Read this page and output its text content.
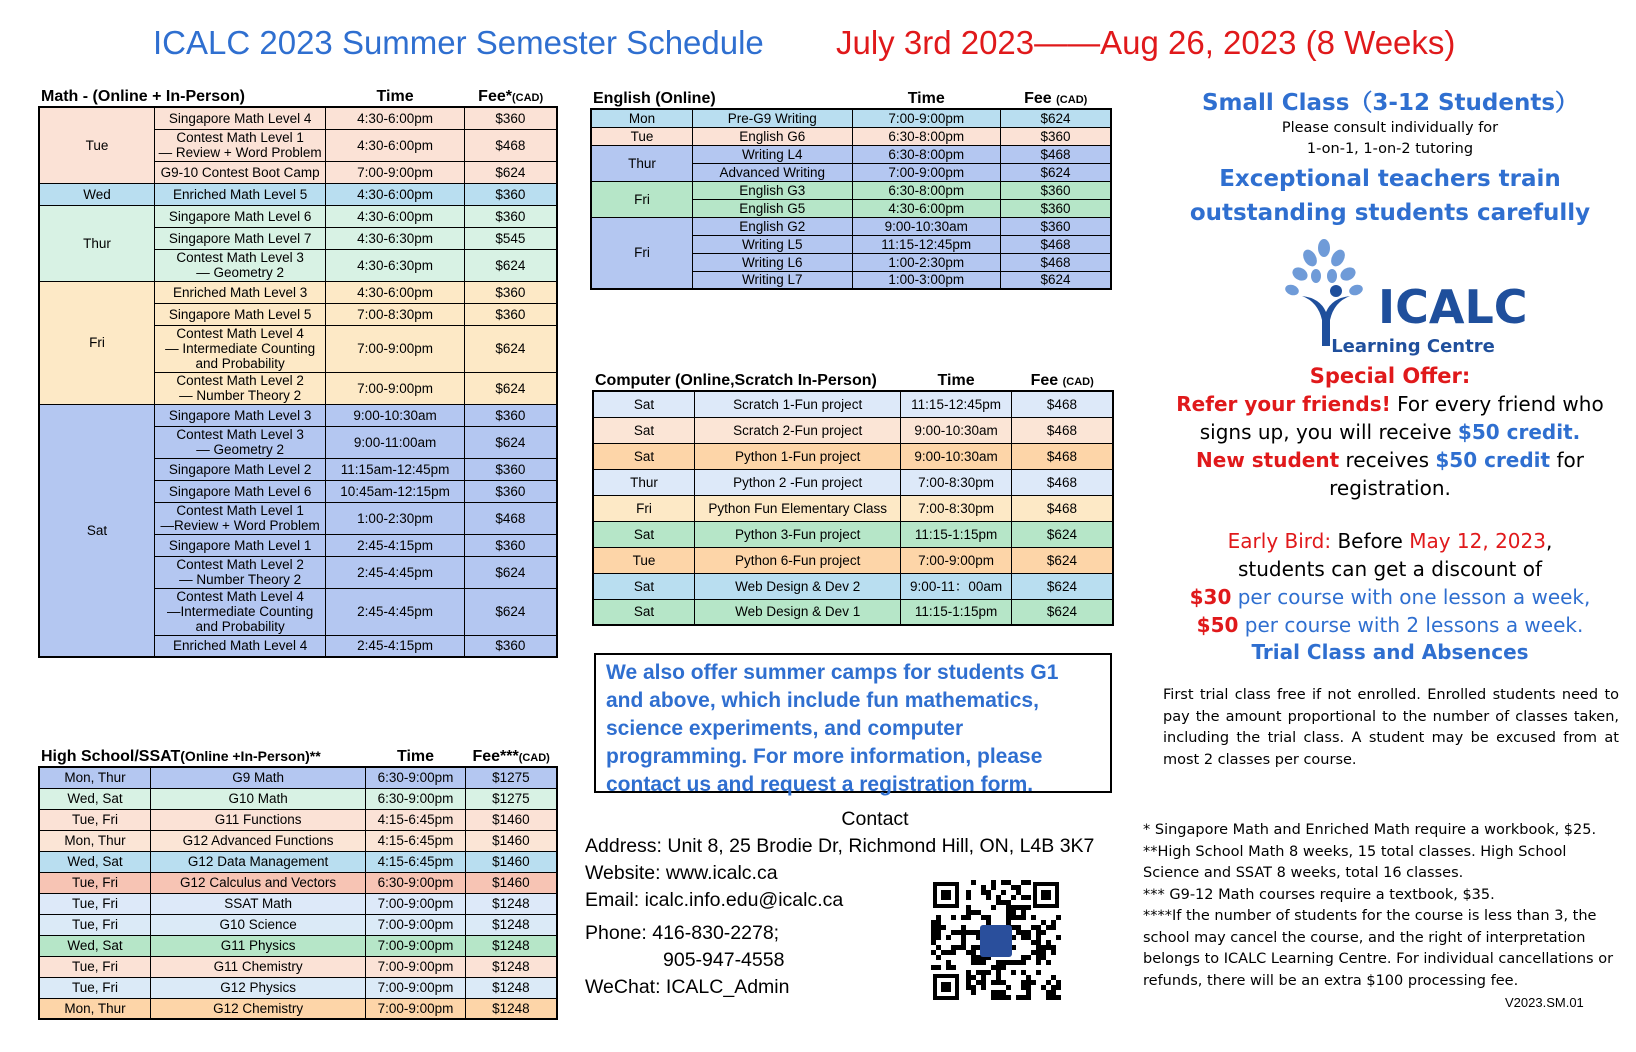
ICALC 2023 Summer Semester Schedule July 3rd 2023——Aug 26, 2023 (8 Weeks)
Math - (Online + In-Person)		Time	Fee*(CAD)
Tue	Singapore Math Level 4	4:30-6:00pm	$360
	Contest Math Level 1
— Review + Word Problem	4:30-6:00pm	$468
	G9-10 Contest Boot Camp	7:00-9:00pm	$624
Wed	Enriched Math Level 5	4:30-6:00pm	$360
Thur	Singapore Math Level 6	4:30-6:00pm	$360
	Singapore Math Level 7	4:30-6:30pm	$545
	Contest Math Level 3
— Geometry 2	4:30-6:30pm	$624
Fri	Enriched Math Level 3	4:30-6:00pm	$360
	Singapore Math Level 5	7:00-8:30pm	$360
	Contest Math Level 4
— Intermediate Counting
and Probability	7:00-9:00pm	$624
	Contest Math Level 2
— Number Theory 2	7:00-9:00pm	$624
Sat	Singapore Math Level 3	9:00-10:30am	$360
	Contest Math Level 3
— Geometry 2	9:00-11:00am	$624
	Singapore Math Level 2	11:15am-12:45pm	$360
	Singapore Math Level 6	10:45am-12:15pm	$360
	Contest Math Level 1
—Review + Word Problem	1:00-2:30pm	$468
	Singapore Math Level 1	2:45-4:15pm	$360
	Contest Math Level 2
— Number Theory 2	2:45-4:45pm	$624
	Contest Math Level 4
—Intermediate Counting
and Probability	2:45-4:45pm	$624
	Enriched Math Level 4	2:45-4:15pm	$360
High School/SSAT(Online +In-Person)**		Time	Fee***(CAD)
Mon, Thur	G9 Math	6:30-9:00pm	$1275
Wed, Sat	G10 Math	6:30-9:00pm	$1275
Tue, Fri	G11 Functions	4:15-6:45pm	$1460
Mon, Thur	G12 Advanced Functions	4:15-6:45pm	$1460
Wed, Sat	G12 Data Management	4:15-6:45pm	$1460
Tue, Fri	G12 Calculus and Vectors	6:30-9:00pm	$1460
Tue, Fri	SSAT Math	7:00-9:00pm	$1248
Tue, Fri	G10 Science	7:00-9:00pm	$1248
Wed, Sat	G11 Physics	7:00-9:00pm	$1248
Tue, Fri	G11 Chemistry	7:00-9:00pm	$1248
Tue, Fri	G12 Physics	7:00-9:00pm	$1248
Mon, Thur	G12 Chemistry	7:00-9:00pm	$1248
English (Online)		Time	Fee (CAD)
Mon	Pre-G9 Writing	7:00-9:00pm	$624
Tue	English G6	6:30-8:00pm	$360
Thur	Writing L4	6:30-8:00pm	$468
	Advanced Writing	7:00-9:00pm	$624
Fri	English G3	6:30-8:00pm	$360
	English G5	4:30-6:00pm	$360
Fri	English G2	9:00-10:30am	$360
	Writing L5	11:15-12:45pm	$468
	Writing L6	1:00-2:30pm	$468
	Writing L7	1:00-3:00pm	$624
Computer (Online,Scratch In-Person)		Time	Fee (CAD)
Sat	Scratch 1-Fun project	11:15-12:45pm	$468
Sat	Scratch 2-Fun project	9:00-10:30am	$468
Sat	Python 1-Fun project	9:00-10:30am	$468
Thur	Python 2 -Fun project	7:00-8:30pm	$468
Fri	Python Fun Elementary Class	7:00-8:30pm	$468
Sat	Python 3-Fun project	11:15-1:15pm	$624
Tue	Python 6-Fun project	7:00-9:00pm	$624
Sat	Web Design & Dev 2	9:00-11：00am	$624
Sat	Web Design & Dev 1	11:15-1:15pm	$624
We also offer summer camps for students G1 and above, which include fun mathematics, science experiments, and computer programming. For more information, please contact us and request a registration form.
Contact
Address: Unit 8, 25 Brodie Dr, Richmond Hill, ON, L4B 3K7
Website: www.icalc.ca
Email: icalc.info.edu@icalc.ca
Phone: 416-830-2278;
905-947-4558
WeChat: ICALC_Admin
Small Class（3-12 Students）
Please consult individually for
1-on-1, 1-on-2 tutoring
Exceptional teachers train
outstanding students carefully
ICALC
Learning Centre
Special Offer:
Refer your friends! For every friend who
signs up, you will receive $50 credit.
New student receives $50 credit for
registration.
Early Bird: Before May 12, 2023,
students can get a discount of
$30 per course with one lesson a week,
$50 per course with 2 lessons a week.
Trial Class and Absences
First trial class free if not enrolled. Enrolled students need to pay the amount proportional to the number of classes taken, including the trial class. A student may be excused from at most 2 classes per course.
* Singapore Math and Enriched Math require a workbook, $25.
**High School Math 8 weeks, 15 total classes. High School Science and SSAT 8 weeks, total 16 classes.
*** G9-12 Math courses require a textbook, $35.
****If the number of students for the course is less than 3, the school may cancel the course, and the right of interpretation belongs to ICALC Learning Centre. For individual cancellations or refunds, there will be an extra $100 processing fee.
V2023.SM.01
